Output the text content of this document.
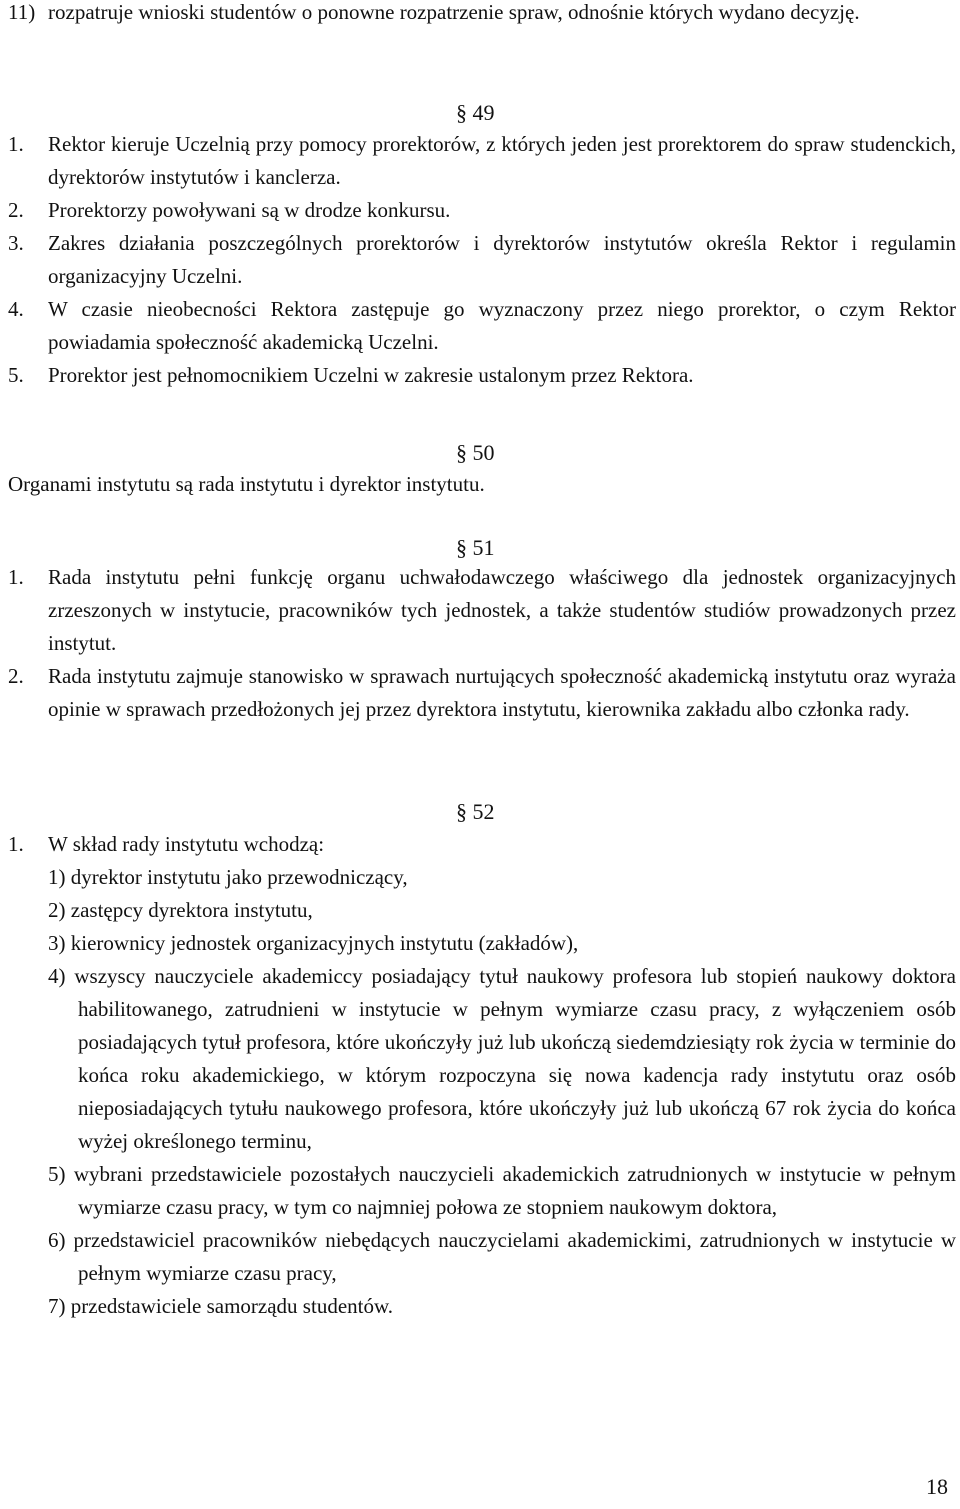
11) rozpatruje wnioski studentów o ponowne rozpatrzenie spraw, odnośnie których wydano decyzję.
§ 49
1.	Rektor kieruje Uczelnią przy pomocy prorektorów, z których jeden jest prorektorem do spraw studenckich, dyrektorów instytutów i kanclerza.
2.	Prorektorzy powoływani są w drodze konkursu.
3.	Zakres działania poszczególnych prorektorów i dyrektorów instytutów określa Rektor i regulamin organizacyjny Uczelni.
4.	W czasie nieobecności Rektora zastępuje go wyznaczony przez niego prorektor, o czym Rektor powiadamia społeczność akademicką Uczelni.
5.	Prorektor jest pełnomocnikiem Uczelni w zakresie ustalonym przez Rektora.
§ 50
Organami instytutu są rada instytutu i dyrektor instytutu.
§ 51
1.	Rada instytutu pełni funkcję organu uchwałodawczego właściwego dla jednostek organizacyjnych zrzeszonych w instytucie, pracowników tych jednostek, a także studentów studiów prowadzonych przez instytut.
2.	Rada instytutu zajmuje stanowisko w sprawach nurtujących społeczność akademicką instytutu oraz wyraża opinie w sprawach przedłożonych jej przez dyrektora instytutu, kierownika zakładu albo członka rady.
§ 52
1.	W skład rady instytutu wchodzą:
1) dyrektor instytutu jako przewodniczący,
2) zastępcy dyrektora instytutu,
3) kierownicy jednostek organizacyjnych instytutu (zakładów),
4) wszyscy nauczyciele akademiccy posiadający tytuł naukowy profesora lub stopień naukowy doktora habilitowanego, zatrudnieni w instytucie w pełnym wymiarze czasu pracy, z wyłączeniem osób posiadających tytuł profesora, które ukończyły już lub ukończą siedemdziesiąty rok życia w terminie do końca roku akademickiego, w którym rozpoczyna się nowa kadencja rady instytutu oraz osób nieposiadających tytułu naukowego profesora, które ukończyły już lub ukończą 67 rok życia do końca wyżej określonego terminu,
5) wybrani przedstawiciele pozostałych nauczycieli akademickich zatrudnionych w instytucie w pełnym wymiarze czasu pracy, w tym co najmniej połowa ze stopniem naukowym doktora,
6) przedstawiciel pracowników niebędących nauczycielami akademickimi, zatrudnionych w instytucie w pełnym wymiarze czasu pracy,
7) przedstawiciele samorządu studentów.
18
